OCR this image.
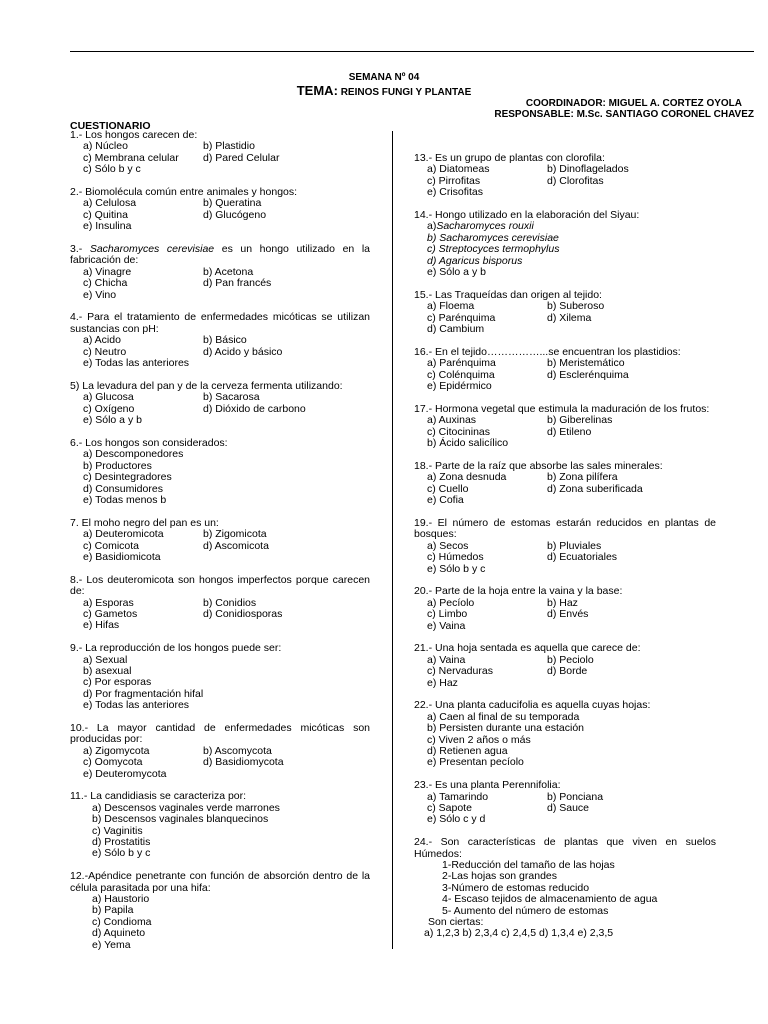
SEMANA Nº 04
TEMA: REINOS FUNGI Y PLANTAE
COORDINADOR: MIGUEL A. CORTEZ OYOLA
RESPONSABLE: M.Sc. SANTIAGO CORONEL CHAVEZ
CUESTIONARIO
1.- Los hongos carecen de:
a) Núcleo	b) Plastidio
c) Membrana celular	d) Pared Celular
c) Sólo b y c
2.- Biomolécula común entre animales y hongos:
a) Celulosa	b) Queratina
c) Quitina	d) Glucógeno
e) Insulina
3.- Sacharomyces cerevisiae es un hongo utilizado en la fabricación de:
a) Vinagre	b) Acetona
c) Chicha	d) Pan francés
e) Vino
4.- Para el tratamiento de enfermedades micóticas se utilizan sustancias con pH:
a) Acido	b) Básico
c) Neutro	d) Acido y básico
e) Todas las anteriores
5) La levadura del pan y de la cerveza fermenta utilizando:
a) Glucosa	b) Sacarosa
c) Oxígeno	d) Dióxido de carbono
e) Sólo a y b
6.- Los hongos son considerados:
a) Descomponedores
b) Productores
c) Desintegradores
d) Consumidores
e) Todas menos b
7. El moho negro del pan es un:
a) Deuteromicota	b) Zigomicota
c) Comicota	d) Ascomicota
e) Basidiomicota
8.- Los deuteromicota son hongos imperfectos porque carecen de:
a) Esporas	b) Conidios
c) Gametos	d) Conidiosporas
e) Hifas
9.- La reproducción de los hongos puede ser:
a) Sexual
b) asexual
c) Por esporas
d) Por fragmentación hifal
e) Todas las anteriores
10.- La mayor cantidad de enfermedades micóticas son producidas por:
a) Zigomycota	b) Ascomycota
c) Oomycota	d) Basidiomycota
e) Deuteromycota
11.- La candidiasis se caracteriza por:
a) Descensos vaginales verde marrones
b) Descensos vaginales blanquecinos
c) Vaginitis
d) Prostatitis
e) Sólo b y c
12.-Apéndice penetrante con función de absorción dentro de la célula parasitada por una hifa:
a) Haustorio
b) Papila
c) Condioma
d) Aquineto
e) Yema
13.- Es un grupo de plantas con clorofila:
a) Diatomeas	b) Dinoflagelados
c) Pirrofitas	d) Clorofitas
e) Crisofitas
14.- Hongo utilizado en la elaboración del Siyau:
a) Sacharomyces rouxii
b) Sacharomyces cerevisiae
c) Streptocyces termophylus
d) Agaricus bisporus
e) Sólo a y b
15.- Las Traqueídas dan origen al tejido:
a) Floema	b) Suberoso
c) Parénquima	d) Xilema
d) Cambium
16.- En el tejido……………...se encuentran los plastidios:
a) Parénquima	b) Meristemático
c) Colénquima	d) Esclerénquima
e) Epidérmico
17.- Hormona vegetal que estimula la maduración de los frutos:
a) Auxinas	b) Giberelinas
c) Citocininas	d) Etileno
b) Ácido salicílico
18.- Parte de la raíz que absorbe las sales minerales:
a) Zona desnuda	b) Zona pilífera
c) Cuello	d) Zona suberificada
e) Cofia
19.- El número de estomas estarán reducidos en plantas de bosques:
a) Secos	b) Pluviales
c) Húmedos	d) Ecuatoriales
e) Sólo b y c
20.- Parte de la hoja entre la vaina y la base:
a) Pecíolo	b) Haz
c) Limbo	d) Envés
e) Vaina
21.- Una hoja sentada es aquella que carece de:
a) Vaina	b) Peciolo
c) Nervaduras	d) Borde
e) Haz
22.- Una planta caducifolia es aquella cuyas hojas:
a) Caen al final de su temporada
b) Persisten durante una estación
c) Viven 2 años o más
d) Retienen agua
e) Presentan pecíolo
23.- Es una planta Perennifolia:
a) Tamarindo	b) Ponciana
c) Sapote	d) Sauce
e) Sólo c y d
24.- Son características de plantas que viven en suelos Húmedos:
1-Reducción del tamaño de las hojas
2-Las hojas son grandes
3-Número de estomas reducido
4- Escaso tejidos de almacenamiento de agua
5- Aumento del número de estomas
Son ciertas:
a) 1,2,3 b) 2,3,4 c) 2,4,5 d) 1,3,4 e) 2,3,5
